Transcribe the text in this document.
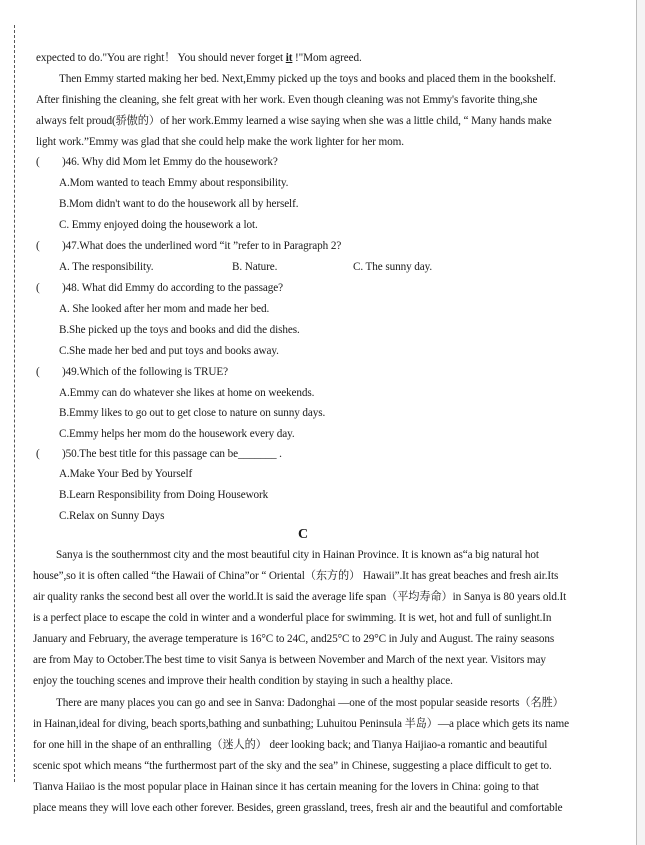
expected to do."You are right！ You should never forget it !"Mom agreed.
Then Emmy started making her bed. Next,Emmy picked up the toys and books and placed them in the bookshelf.
After finishing the cleaning, she felt great with her work. Even though cleaning was not Emmy's favorite thing,she
always felt proud(骄傲的）of her work.Emmy learned a wise saying when she was a little child, “ Many hands make
light work.”Emmy was glad that she could help make the work lighter for her mom.
( )46. Why did Mom let Emmy do the housework?
A.Mom wanted to teach Emmy about responsibility.
B.Mom didn't want to do the housework all by herself.
C. Emmy enjoyed doing the housework a lot.
( )47.What does the underlined word “it ”refer to in Paragraph 2?
A. The responsibility.	B. Nature.	C. The sunny day.
( )48. What did Emmy do according to the passage?
A. She looked after her mom and made her bed.
B.She picked up the toys and books and did the dishes.
C.She made her bed and put toys and books away.
( )49.Which of the following is TRUE?
A.Emmy can do whatever she likes at home on weekends.
B.Emmy likes to go out to get close to nature on sunny days.
C.Emmy helps her mom do the housework every day.
( )50.The best title for this passage can be_______ .
A.Make Your Bed by Yourself
B.Learn Responsibility from Doing Housework
C.Relax on Sunny Days
C
Sanya is the southernmost city and the most beautiful city in Hainan Province. It is known as“a big natural hot
house”,so it is often called “the Hawaii of China”or “ Oriental（东方的） Hawaii”.It has great beaches and fresh air.Its
air quality ranks the second best all over the world.It is said the average life span（平均寿命）in Sanya is 80 years old.It
is a perfect place to escape the cold in winter and a wonderful place for swimming. It is wet, hot and full of sunlight.In
January and February, the average temperature is 16°C to 24C, and25°C to 29°C in July and August. The rainy seasons
are from May to October.The best time to visit Sanya is between November and March of the next year. Visitors may
enjoy the touching scenes and improve their health condition by staying in such a healthy place.
There are many places you can go and see in Sanva: Dadonghai —one of the most popular seaside resorts（名胜）
in Hainan,ideal for diving, beach sports,bathing and sunbathing; Luhuitou Peninsula 半岛）—a place which gets its name
for one hill in the shape of an enthralling（迷人的） deer looking back; and Tianya Haijiao-a romantic and beautiful
scenic spot which means “the furthermost part of the sky and the sea” in Chinese, suggesting a place difficult to get to.
Tianva Haiiao is the most popular place in Hainan since it has certain meaning for the lovers in China: going to that
place means they will love each other forever. Besides, green grassland, trees, fresh air and the beautiful and comfortable
